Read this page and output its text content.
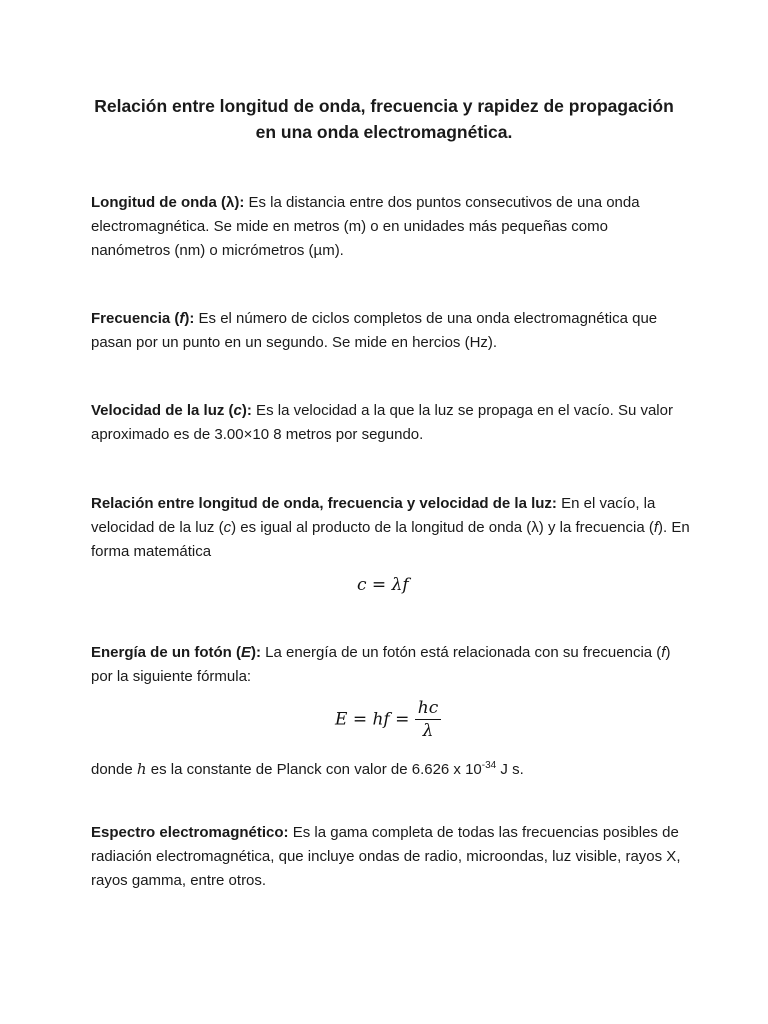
Relación entre longitud de onda, frecuencia y rapidez de propagación
en una onda electromagnética.

Longitud de onda (λ): Es la distancia entre dos puntos consecutivos de una onda electromagnética. Se mide en metros (m) o en unidades más pequeñas como nanómetros (nm) o micrómetros (µm).

Frecuencia (f): Es el número de ciclos completos de una onda electromagnética que pasan por un punto en un segundo. Se mide en hercios (Hz).

Velocidad de la luz (c): Es la velocidad a la que la luz se propaga en el vacío. Su valor aproximado es de 3.00×10 8 metros por segundo.

Relación entre longitud de onda, frecuencia y velocidad de la luz: En el vacío, la velocidad de la luz (c) es igual al producto de la longitud de onda (λ) y la frecuencia (f). En forma matemática

c = λf

Energía de un fotón (E): La energía de un fotón está relacionada con su frecuencia (f) por la siguiente fórmula:

E = hf = $\frac{hc}{\lambda}$

donde h es la constante de Planck con valor de 6.626 x $10^{-34}$ J s.

Espectro electromagnético: Es la gama completa de todas las frecuencias posibles de radiación electromagnética, que incluye ondas de radio, microondas, luz visible, rayos X, rayos gamma, entre otros.
